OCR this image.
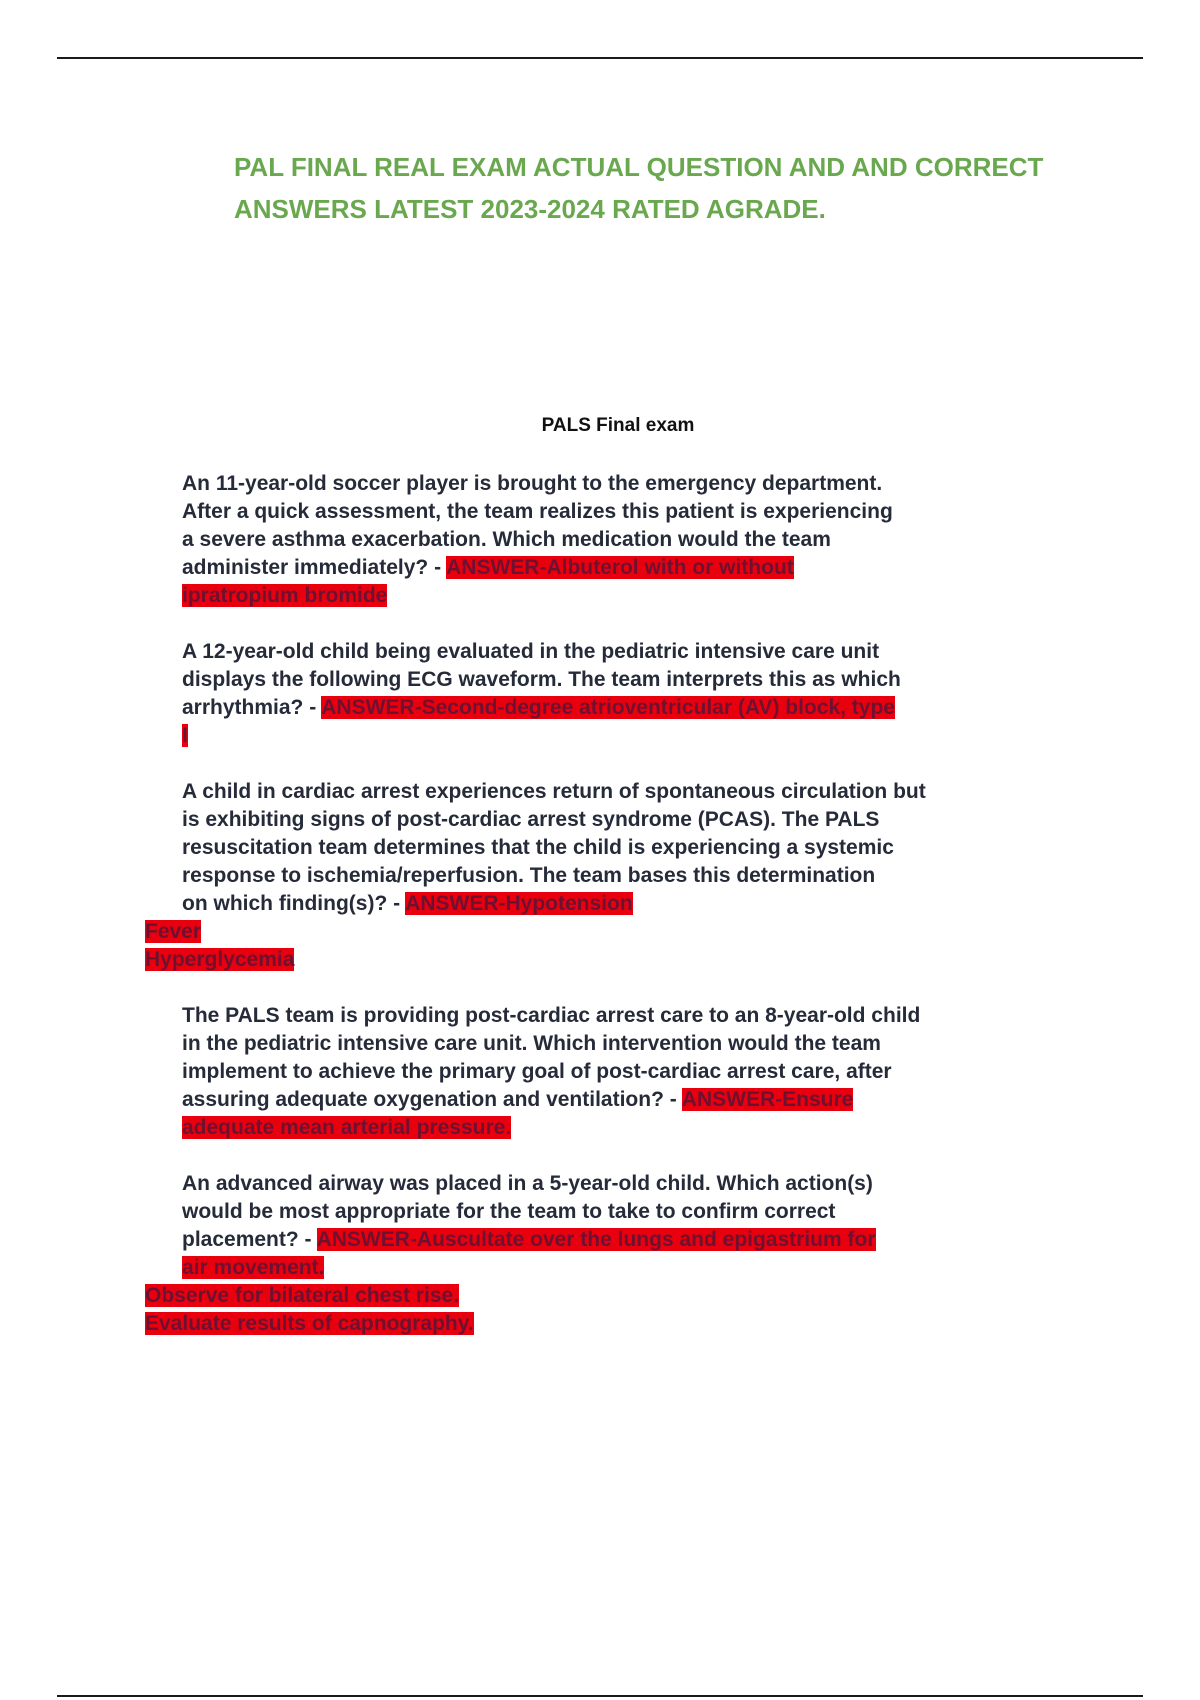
PAL FINAL REAL EXAM ACTUAL QUESTION AND AND CORRECT
ANSWERS LATEST 2023-2024 RATED AGRADE.
PALS Final exam
An 11-year-old soccer player is brought to the emergency department.
After a quick assessment, the team realizes this patient is experiencing
a severe asthma exacerbation. Which medication would the team
administer immediately? - ANSWER-Albuterol with or without
ipratropium bromide
A 12-year-old child being evaluated in the pediatric intensive care unit
displays the following ECG waveform. The team interprets this as which
arrhythmia? - ANSWER-Second-degree atrioventricular (AV) block, type
I
A child in cardiac arrest experiences return of spontaneous circulation but
is exhibiting signs of post-cardiac arrest syndrome (PCAS). The PALS
resuscitation team determines that the child is experiencing a systemic
response to ischemia/reperfusion. The team bases this determination
on which finding(s)? - ANSWER-Hypotension
Fever
Hyperglycemia
The PALS team is providing post-cardiac arrest care to an 8-year-old child
in the pediatric intensive care unit. Which intervention would the team
implement to achieve the primary goal of post-cardiac arrest care, after
assuring adequate oxygenation and ventilation? - ANSWER-Ensure
adequate mean arterial pressure.
An advanced airway was placed in a 5-year-old child. Which action(s)
would be most appropriate for the team to take to confirm correct
placement? - ANSWER-Auscultate over the lungs and epigastrium for
air movement.
Observe for bilateral chest rise.
Evaluate results of capnography.
